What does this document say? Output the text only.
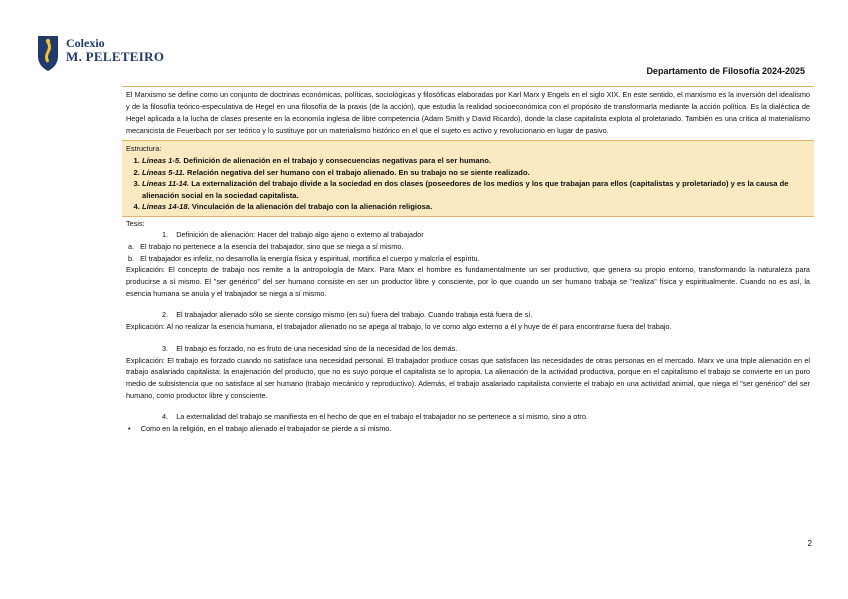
Colexio
M. PELETEIRO
Departamento de Filosofía 2024-2025
El Marxismo se define como un conjunto de doctrinas económicas, políticas, sociológicas y filosóficas elaboradas por Karl Marx y Engels en el siglo XIX. En este sentido, el marxismo es la inversión del idealismo y de la filosofía teórico-especulativa de Hegel en una filosofía de la praxis (de la acción), que estudia la realidad socioeconómica con el propósito de transformarla mediante la acción política. Es la dialéctica de Hegel aplicada a la lucha de clases presente en la economía inglesa de libre competencia (Adam Smith y David Ricardo), donde la clase capitalista explota al proletariado. También es una crítica al materialismo mecanicista de Feuerbach por ser teórico y lo sustituye por un materialismo histórico en el que el sujeto es activo y revolucionario en lugar de pasivo.
Estructura:
1. Líneas 1-5. Definición de alienación en el trabajo y consecuencias negativas para el ser humano.
2. Líneas 5-11. Relación negativa del ser humano con el trabajo alienado. En su trabajo no se siente realizado.
3. Líneas 11-14. La externalización del trabajo divide a la sociedad en dos clases (poseedores de los medios y los que trabajan para ellos (capitalistas y proletariado) y es la causa de alienación social en la sociedad capitalista.
4. Líneas 14-18. Vinculación de la alienación del trabajo con la alienación religiosa.
Tesis:
1.    Definición de alienación: Hacer del trabajo algo ajeno o externo al trabajador
a.   El trabajo no pertenece a la esencia del trabajador, sino que se niega a sí mismo.
b.   El trabajador es infeliz, no desarrolla la energía física y espiritual, mortifica el cuerpo y malcría el espíritu.
Explicación: El concepto de trabajo nos remite a la antropología de Marx. Para Marx el hombre es fundamentalmente un ser productivo, que genera su propio entorno, transformando la naturaleza para producirse a sí mismo. El "ser genérico" del ser humano consiste en ser un productor libre y consciente, por lo que cuando un ser humano trabaja se "realiza" física y espiritualmente. Cuando no es así, la esencia humana se anula y el trabajador se niega a sí mismo.
2.    El trabajador alienado sólo se siente consigo mismo (en su) fuera del trabajo. Cuando trabaja está fuera de sí.
Explicación: Al no realizar la esencia humana, el trabajador alienado no se apega al trabajo, lo ve como algo externo a él y huye de él para encontrarse fuera del trabajo.
3.    El trabajo es forzado, no es fruto de una necesidad sino de la necesidad de los demás.
Explicación: El trabajo es forzado cuando no satisface una necesidad personal. El trabajador produce cosas que satisfacen las necesidades de otras personas en el mercado. Marx ve una triple alienación en el trabajo asalariado capitalista: la enajenación del producto, que no es suyo porque el capitalista se lo apropia. La alienación de la actividad productiva, porque en el capitalismo el trabajo se convierte en un puro medio de subsistencia que no satisface al ser humano (trabajo mecánico y reproductivo). Además, el trabajo asalariado capitalista convierte el trabajo en una actividad animal, que niega el "ser genérico" del ser humano, como productor libre y consciente.
4.    La externalidad del trabajo se manifiesta en el hecho de que en el trabajo el trabajador no se pertenece a sí mismo, sino a otro.
•     Como en la religión, en el trabajo alienado el trabajador se pierde a sí mismo.
2
